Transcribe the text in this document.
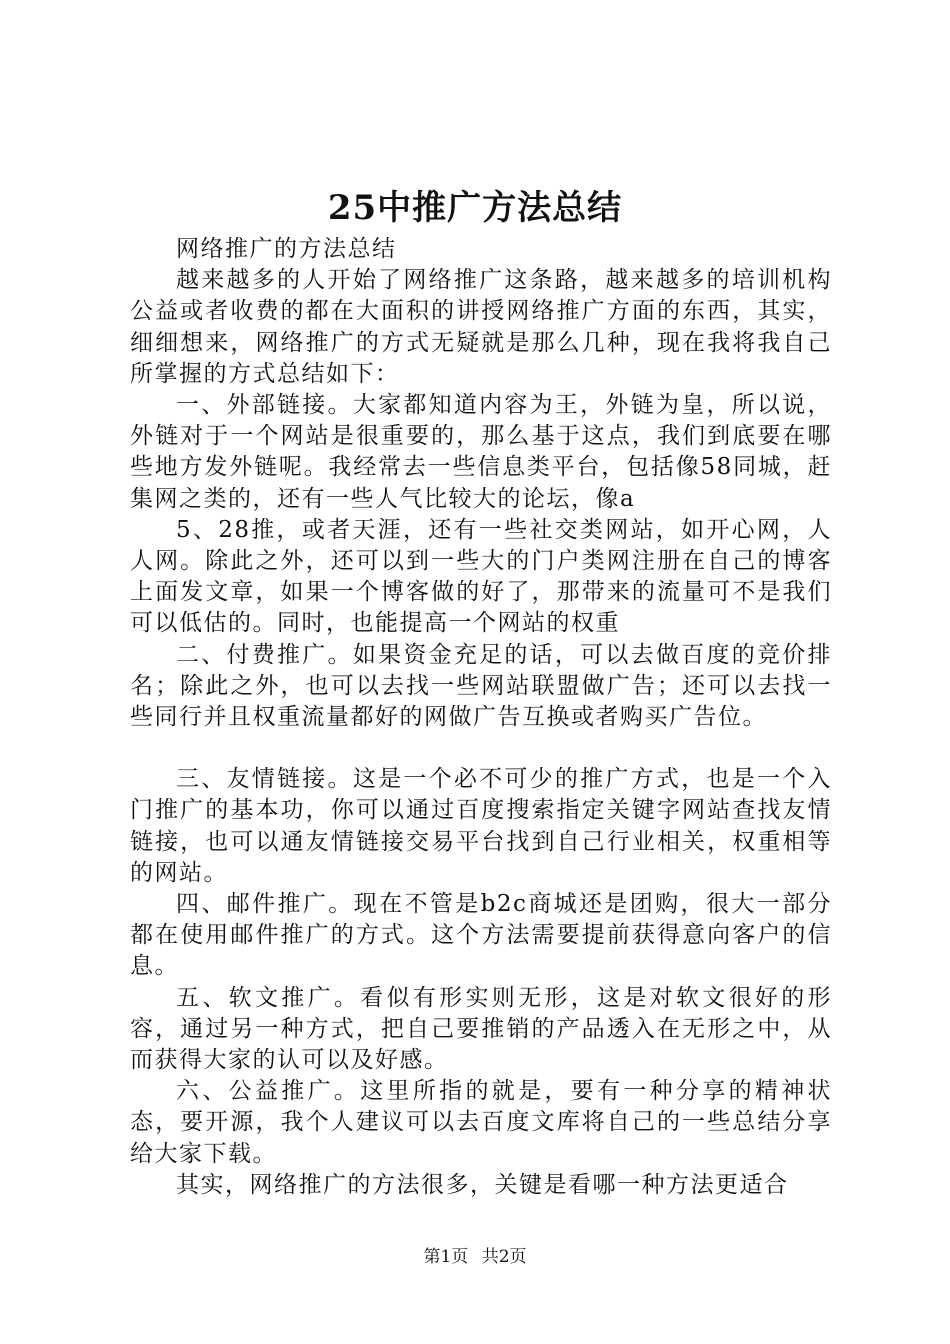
25中推广方法总结

网络推广的方法总结

越来越多的人开始了网络推广这条路，越来越多的培训机构公益或者收费的都在大面积的讲授网络推广方面的东西，其实，细细想来，网络推广的方式无疑就是那么几种，现在我将我自己所掌握的方式总结如下：

一、外部链接。大家都知道内容为王，外链为皇，所以说，外链对于一个网站是很重要的，那么基于这点，我们到底要在哪些地方发外链呢。我经常去一些信息类平台，包括像58同城，赶集网之类的，还有一些人气比较大的论坛，像a

5、28推，或者天涯，还有一些社交类网站，如开心网，人人网。除此之外，还可以到一些大的门户类网注册在自己的博客上面发文章，如果一个博客做的好了，那带来的流量可不是我们可以低估的。同时，也能提高一个网站的权重

二、付费推广。如果资金充足的话，可以去做百度的竞价排名；除此之外，也可以去找一些网站联盟做广告；还可以去找一些同行并且权重流量都好的网做广告互换或者购买广告位。

三、友情链接。这是一个必不可少的推广方式，也是一个入门推广的基本功，你可以通过百度搜索指定关键字网站查找友情链接，也可以通友情链接交易平台找到自己行业相关，权重相等的网站。

四、邮件推广。现在不管是b2c商城还是团购，很大一部分都在使用邮件推广的方式。这个方法需要提前获得意向客户的信息。

五、软文推广。看似有形实则无形，这是对软文很好的形容，通过另一种方式，把自己要推销的产品透入在无形之中，从而获得大家的认可以及好感。

六、公益推广。这里所指的就是，要有一种分享的精神状态，要开源，我个人建议可以去百度文库将自己的一些总结分享给大家下载。

其实，网络推广的方法很多，关键是看哪一种方法更适合

第1页 共2页
